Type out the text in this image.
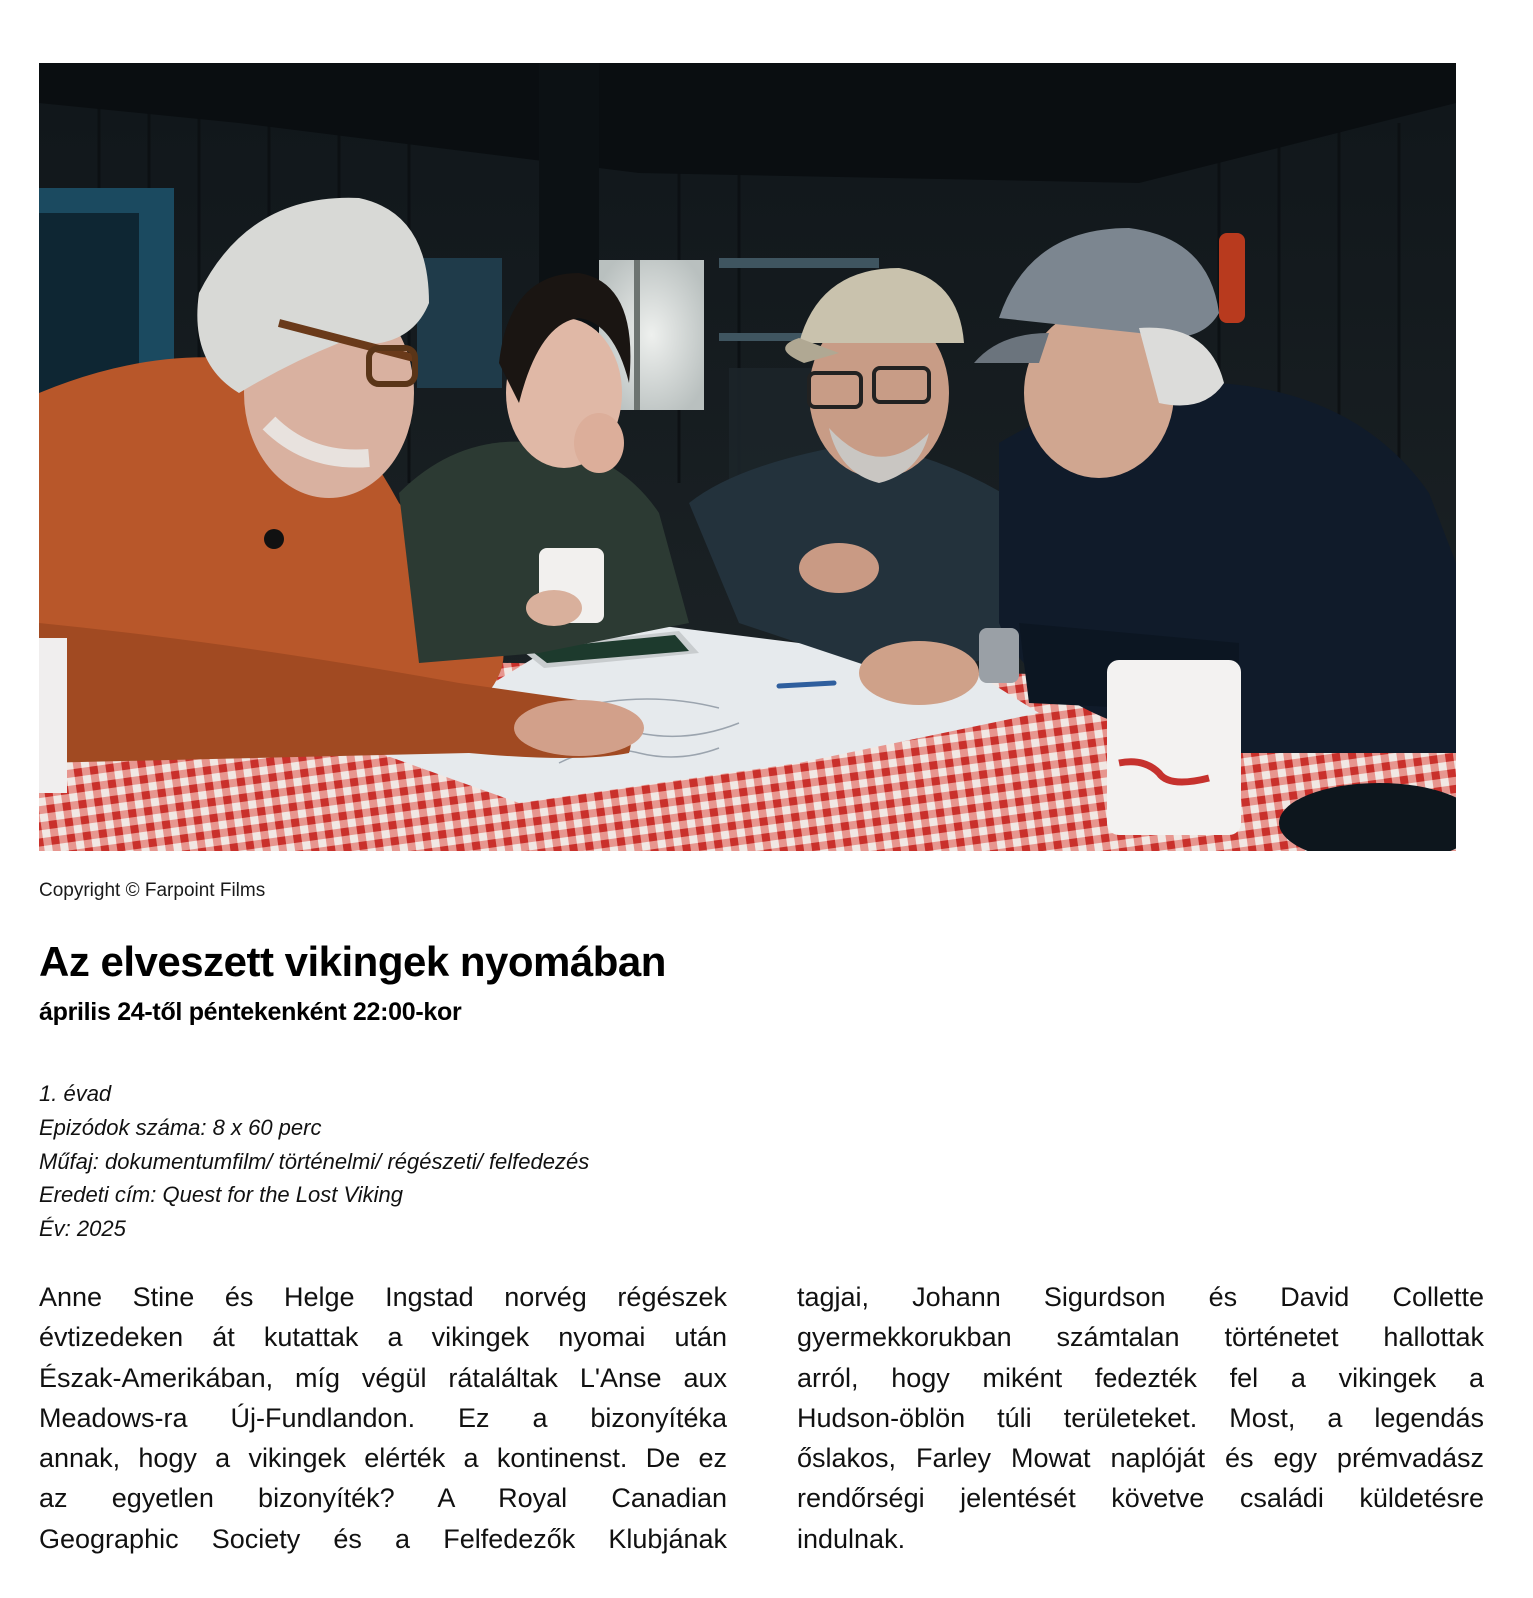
Copyright © Farpoint Films
Az elveszett vikingek nyomában
április 24-től péntekenként 22:00-kor
1. évad
Epizódok száma: 8 x 60 perc
Műfaj: dokumentumfilm/ történelmi/ régészeti/ felfedezés
Eredeti cím: Quest for the Lost Viking
Év: 2025
Anne Stine és Helge Ingstad norvég régészek
évtizedeken át kutattak a vikingek nyomai után
Észak-Amerikában, míg végül rátaláltak L'Anse aux
Meadows-ra Új-Fundlandon. Ez a bizonyítéka
annak, hogy a vikingek elérték a kontinenst. De ez
az egyetlen bizonyíték? A Royal Canadian
Geographic Society és a Felfedezők Klubjának
tagjai, Johann Sigurdson és David Collette
gyermekkorukban számtalan történetet hallottak
arról, hogy miként fedezték fel a vikingek a
Hudson-öblön túli területeket. Most, a legendás
őslakos, Farley Mowat naplóját és egy prémvadász
rendőrségi jelentését követve családi küldetésre
indulnak.
